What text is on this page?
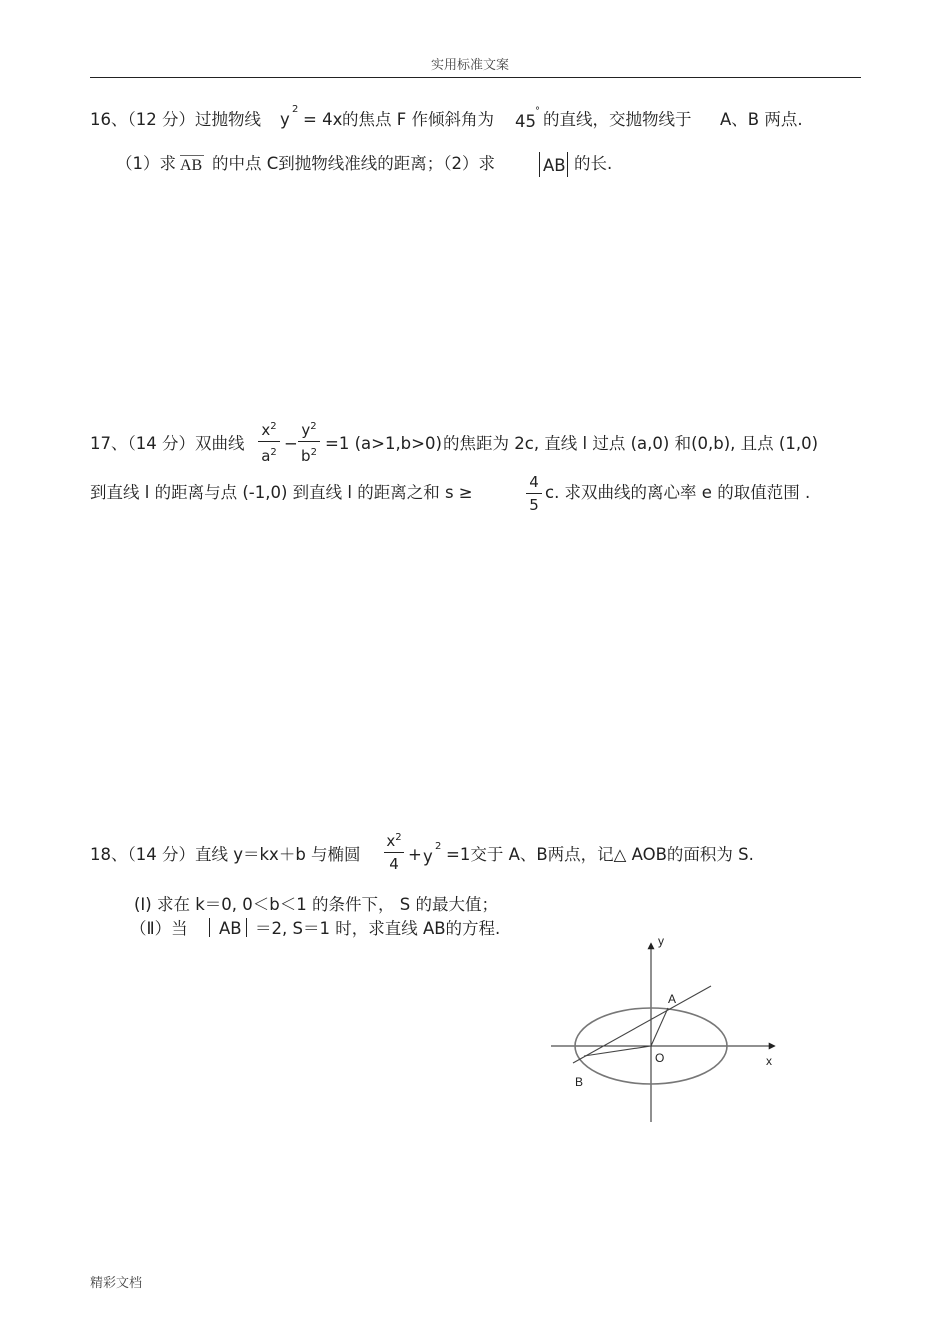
实用标准文案
16、（12 分）过抛物线 y
2
= 4x 的焦点 F 作倾斜角为 45
° 的直线，交抛物线于 A、B 两点.
（1）求 AB 的中点 C到抛物线准线的距离；（2）求	AB 的长.
17、（14 分）双曲线
$x^2$
$a^2$ −
$y^2$
$b^2 =1$ (a>1,b>0) 的焦距为 2c, 直线 l 过点 (a,0) 和(0,b), 且点 (1,0)
到直线 l 的距离与点 (-1,0) 到直线 l 的距离之和 s ≥
4
5
c. 求双曲线的离心率 e 的取值范围 .
18、（14 分）直线 y＝kx＋b 与椭圆
$x^2$
4 + y
2 =1交于 A、B两点，记△ AOB的面积为 S.
(I) 求在 k＝0, 0＜b＜1 的条件下， S 的最大值；
（Ⅱ）当 AB ＝2, S＝1 时，求直线 AB的方程.
y
x
A
O
B
精彩文档
